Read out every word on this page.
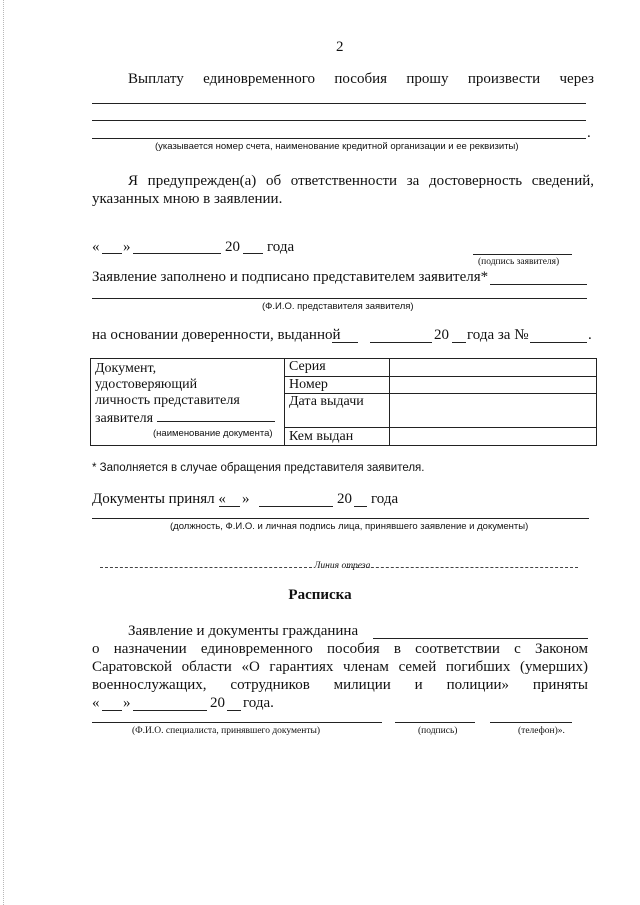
2
Выплату единовременного пособия прошу произвести через
.
(указывается номер счета, наименование кредитной организации и ее реквизиты)
Я предупрежден(а) об ответственности за достоверность сведений,
указанных мною в заявлении.
« »	20 года
(подпись заявителя)
Заявление заполнено и подписано представителем заявителя*
(Ф.И.О. представителя заявителя)
на основании доверенности, выданной	20 года за №	.
Документ,
удостоверяющий
личность представителя
заявителя
(наименование документа)	Серия	
	Номер	
	Дата выдачи	
	Кем выдан	
* Заполняется в случае обращения представителя заявителя.
Документы принял « »	20 года
(должность, Ф.И.О. и личная подпись лица, принявшего заявление и документы)
Линия отреза
Расписка
Заявление и документы гражданина
о назначении единовременного пособия в соответствии с Законом
Саратовской области «О гарантиях членам семей погибших (умерших)
военнослужащих, сотрудников милиции и полиции» приняты
« »	20 года.
(Ф.И.О. специалиста, принявшего документы)	(подпись)	(телефон)».
